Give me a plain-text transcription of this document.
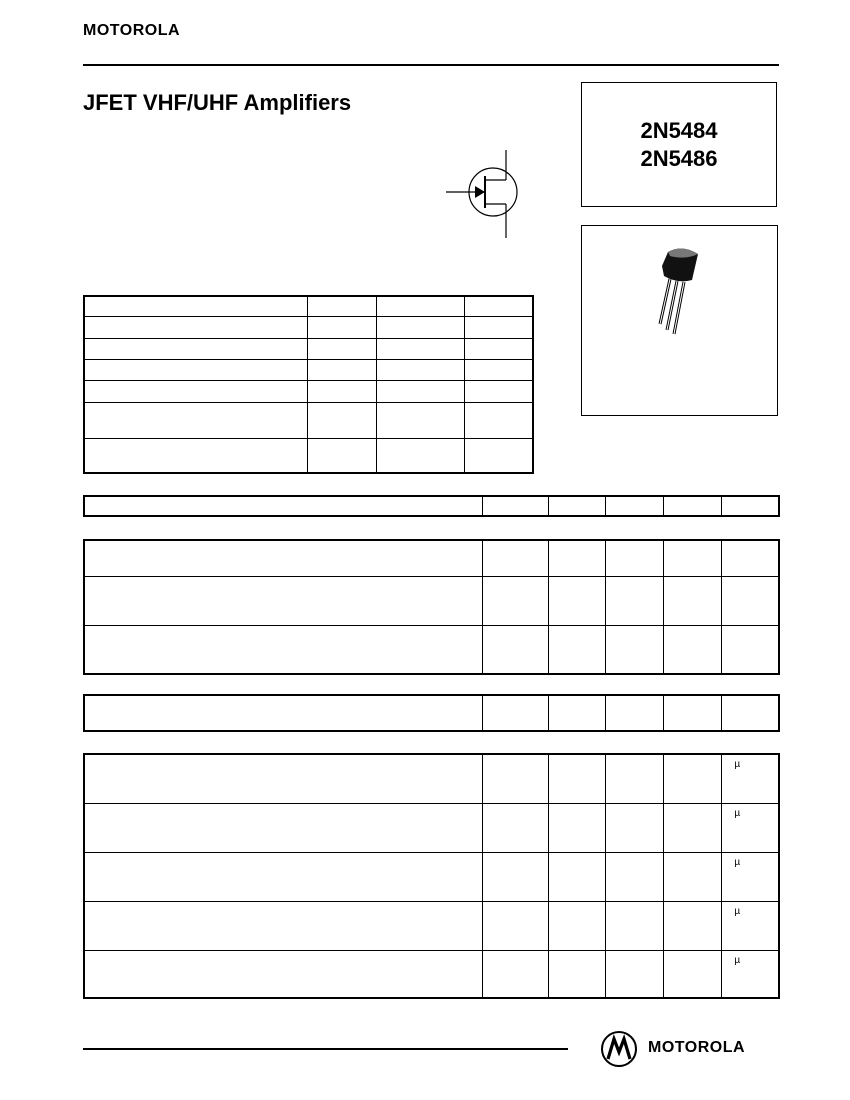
MOTOROLA
JFET VHF/UHF Amplifiers
2N5484
2N5486

					µ
					µ
					µ
					µ
					µ
MOTOROLA
